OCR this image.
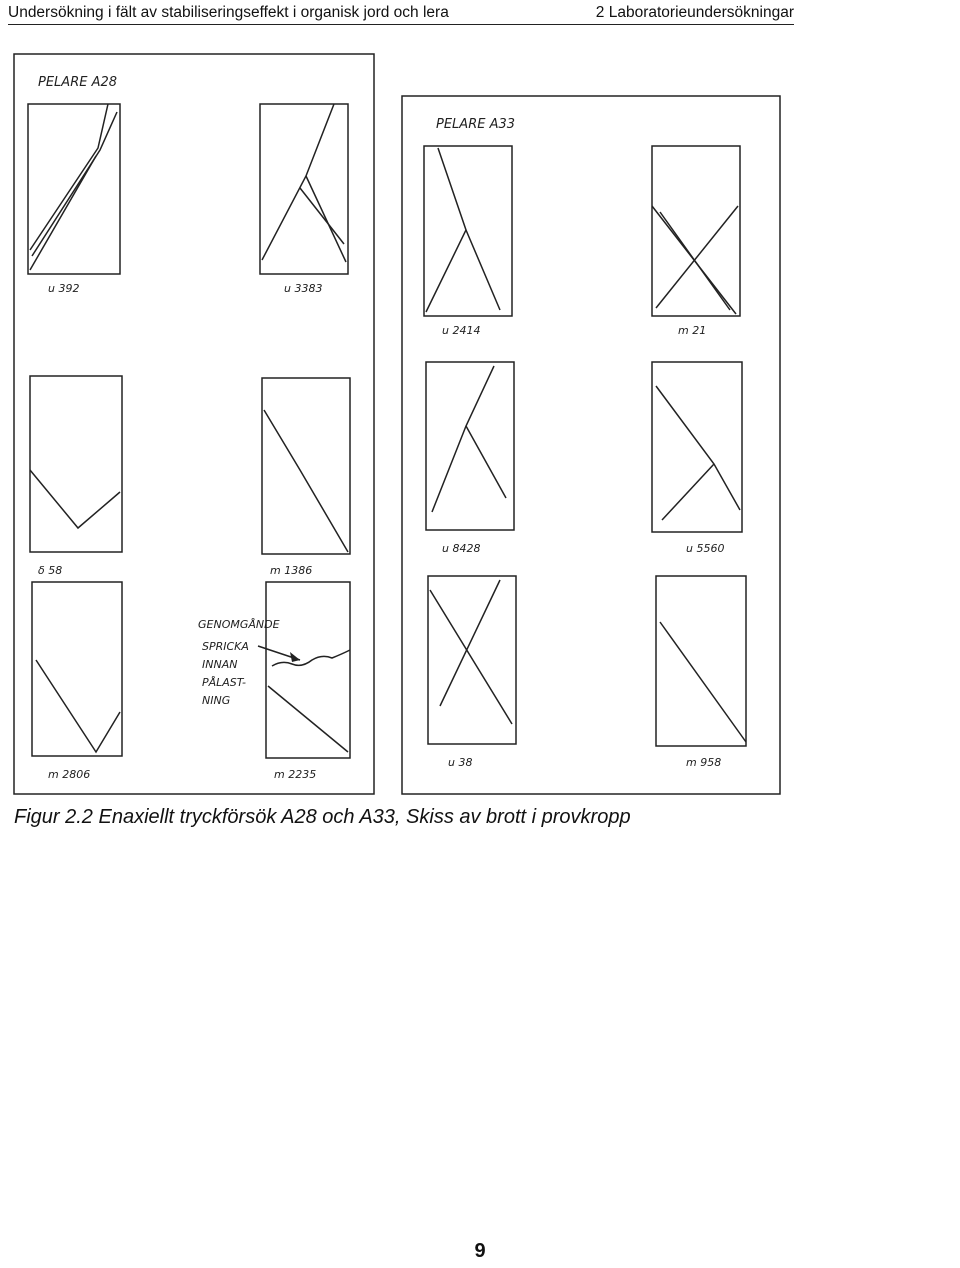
Undersökning i fält av stabiliseringseffekt i organisk jord och lera	2 Laboratorieundersökningar
PELARE A28
PELARE A33
u 392	u 3383
δ 58	m 1386
m 2806	m 2235
u 2414	m 21
u 8428	u 5560
u 38	m 958
GENOMGÅNDE
SPRICKA
INNAN
PÅLAST-
NING
Figur 2.2 Enaxiellt tryckförsök A28 och A33, Skiss av brott i provkropp
9
